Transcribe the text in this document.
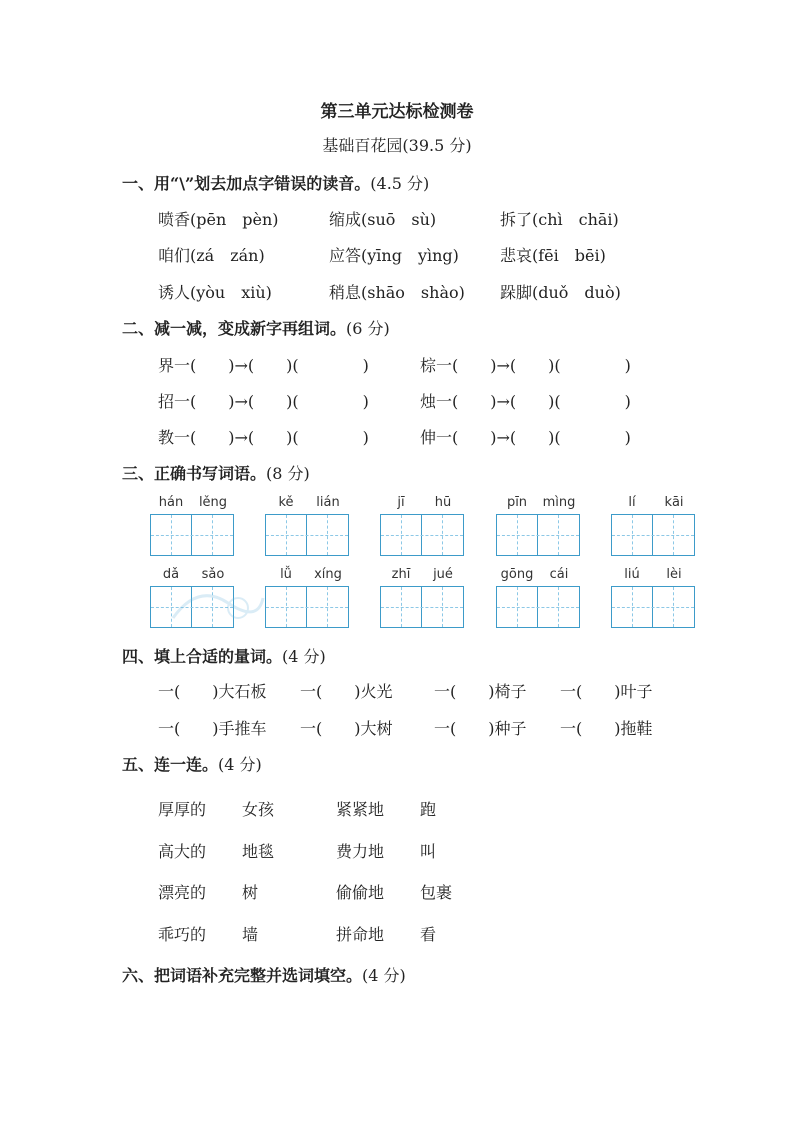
第三单元达标检测卷
基础百花园(39.5 分)
一、用“\”划去加点字错误的读音。(4.5 分)
喷香(pēn　pèn)	缩成(suō　sù)	拆了(chì　chāi)
咱们(zá　zán)	应答(yīng　yìng)	悲哀(fēi　bēi)
诱人(yòu　xiù)	稍息(shāo　shào) 跺脚(duǒ　duò)
二、减一减，变成新字再组词。(6 分)
界一(　　)→(　　)(　　　　)	棕一(　　)→(　　)(　　　　)
招一(　　)→(　　)(　　　　)	烛一(　　)→(　　)(　　　　)
教一(　　)→(　　)(　　　　)	伸一(　　)→(　　)(　　　　)
三、正确书写词语。(8 分)
hán	lěng	kě	lián	jī	hū	pīn	mìng	lí	kāi
dǎ	sǎo	lǚ	xíng	zhī	jué	gōng	cái	liú	lèi
四、填上合适的量词。(4 分)
一(　　)大石板 一(　　)火光	一(　　)椅子 一(　　)叶子
一(　　)手推车 一(　　)大树	一(　　)种子 一(　　)拖鞋
五、连一连。(4 分)
厚厚的 女孩	紧紧地 跑
高大的 地毯	费力地 叫
漂亮的 树	偷偷地 包裹
乖巧的 墙	拼命地 看
六、把词语补充完整并选词填空。(4 分)
